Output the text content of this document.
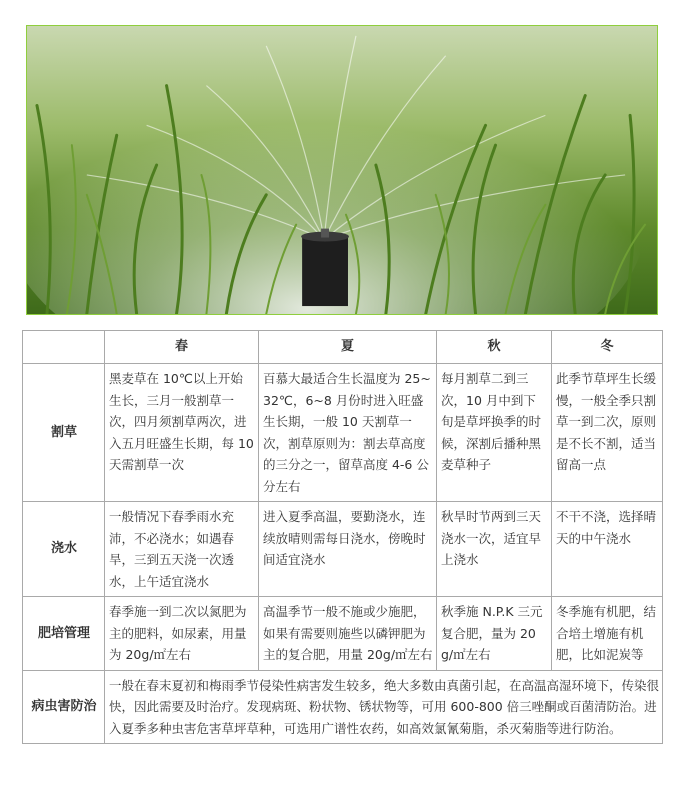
	春	夏	秋	冬
割草	黑麦草在 10℃以上开始生长，三月一般割草一次，四月须割草两次，进入五月旺盛生长期，每 10 天需割草一次	百慕大最适合生长温度为 25~32℃，6~8 月份时进入旺盛生长期，一般 10 天割草一次，割草原则为：割去草高度的三分之一，留草高度 4-6 公分左右	每月割草二到三次，10 月中到下旬是草坪换季的时候，深割后播种黑麦草种子	此季节草坪生长缓慢，一般全季只割草一到二次，原则是不长不割，适当留高一点
浇水	一般情况下春季雨水充沛，不必浇水；如遇春旱，三到五天浇一次透水，上午适宜浇水	进入夏季高温，要勤浇水，连续放晴则需每日浇水，傍晚时间适宜浇水	秋旱时节两到三天浇水一次，适宜早上浇水	不干不浇，选择晴天的中午浇水
肥培管理	春季施一到二次以氮肥为主的肥料，如尿素，用量为 20g/㎡左右	高温季节一般不施或少施肥，如果有需要则施些以磷钾肥为主的复合肥，用量 20g/㎡左右	秋季施 N.P.K 三元复合肥，量为 20g/㎡左右	冬季施有机肥，结合培土增施有机肥，比如泥炭等
病虫害防治	一般在春末夏初和梅雨季节侵染性病害发生较多，绝大多数由真菌引起，在高温高湿环境下，传染很快，因此需要及时治疗。发现病斑、粉状物、锈状物等，可用 600-800 倍三唑酮或百菌清防治。进入夏季多种虫害危害草坪草种，可选用广谱性农药，如高效氯氰菊脂，杀灭菊脂等进行防治。			
